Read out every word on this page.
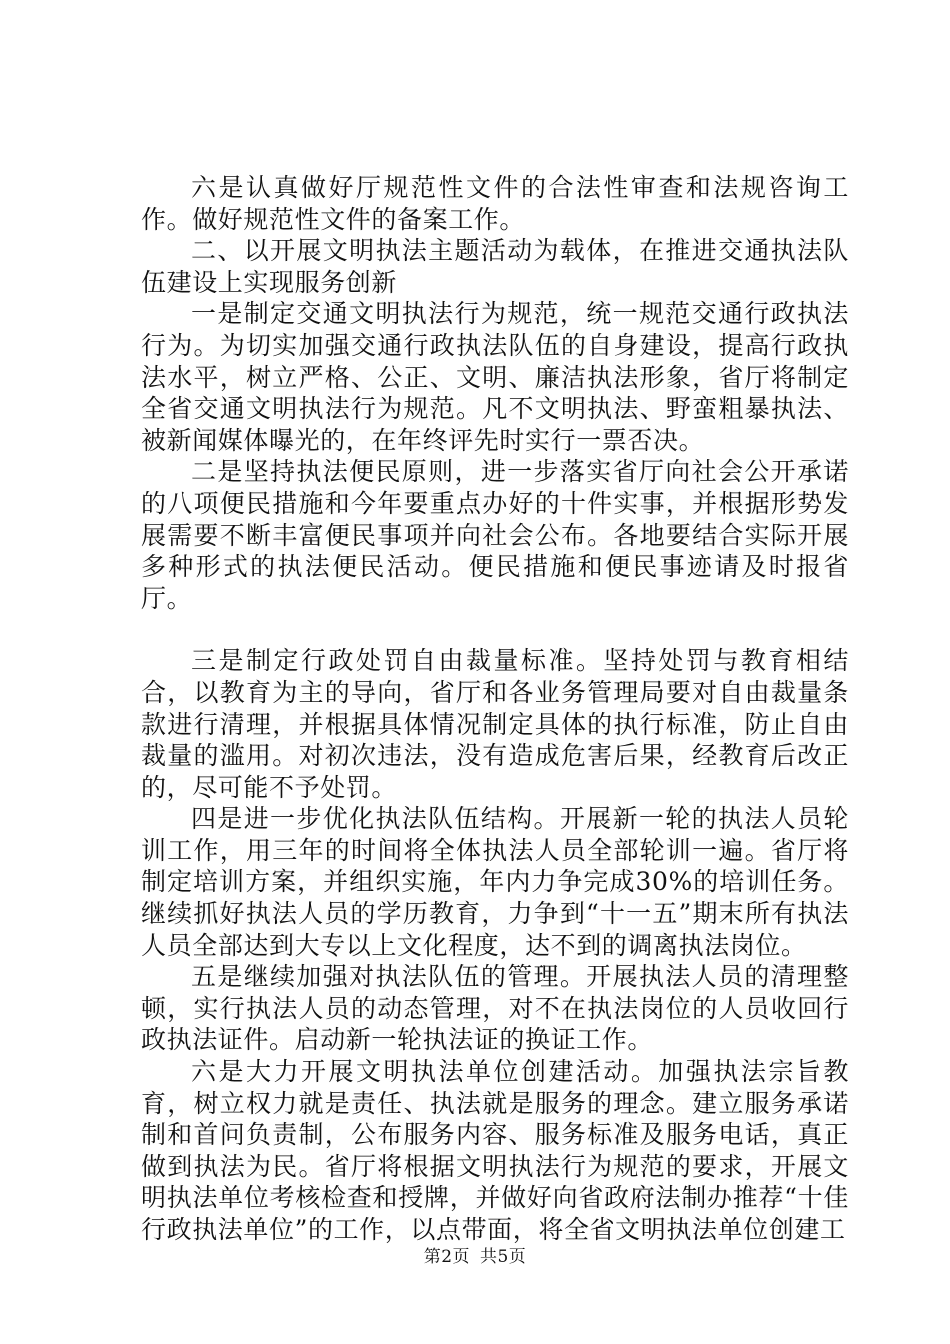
六是认真做好厅规范性文件的合法性审查和法规咨询工作。做好规范性文件的备案工作。

二、以开展文明执法主题活动为载体，在推进交通执法队伍建设上实现服务创新

一是制定交通文明执法行为规范，统一规范交通行政执法行为。为切实加强交通行政执法队伍的自身建设，提高行政执法水平，树立严格、公正、文明、廉洁执法形象，省厅将制定全省交通文明执法行为规范。凡不文明执法、野蛮粗暴执法、被新闻媒体曝光的，在年终评先时实行一票否决。

二是坚持执法便民原则，进一步落实省厅向社会公开承诺的八项便民措施和今年要重点办好的十件实事，并根据形势发展需要不断丰富便民事项并向社会公布。各地要结合实际开展多种形式的执法便民活动。便民措施和便民事迹请及时报省厅。

三是制定行政处罚自由裁量标准。坚持处罚与教育相结合，以教育为主的导向，省厅和各业务管理局要对自由裁量条款进行清理，并根据具体情况制定具体的执行标准，防止自由裁量的滥用。对初次违法，没有造成危害后果，经教育后改正的，尽可能不予处罚。

四是进一步优化执法队伍结构。开展新一轮的执法人员轮训工作，用三年的时间将全体执法人员全部轮训一遍。省厅将制定培训方案，并组织实施，年内力争完成30%的培训任务。继续抓好执法人员的学历教育，力争到“十一五”期末所有执法人员全部达到大专以上文化程度，达不到的调离执法岗位。

五是继续加强对执法队伍的管理。开展执法人员的清理整顿，实行执法人员的动态管理，对不在执法岗位的人员收回行政执法证件。启动新一轮执法证的换证工作。

六是大力开展文明执法单位创建活动。加强执法宗旨教育，树立权力就是责任、执法就是服务的理念。建立服务承诺制和首问负责制，公布服务内容、服务标准及服务电话，真正做到执法为民。省厅将根据文明执法行为规范的要求，开展文明执法单位考核检查和授牌，并做好向省政府法制办推荐“十佳行政执法单位”的工作，以点带面，将全省文明执法单位创建工

第2页 共5页
